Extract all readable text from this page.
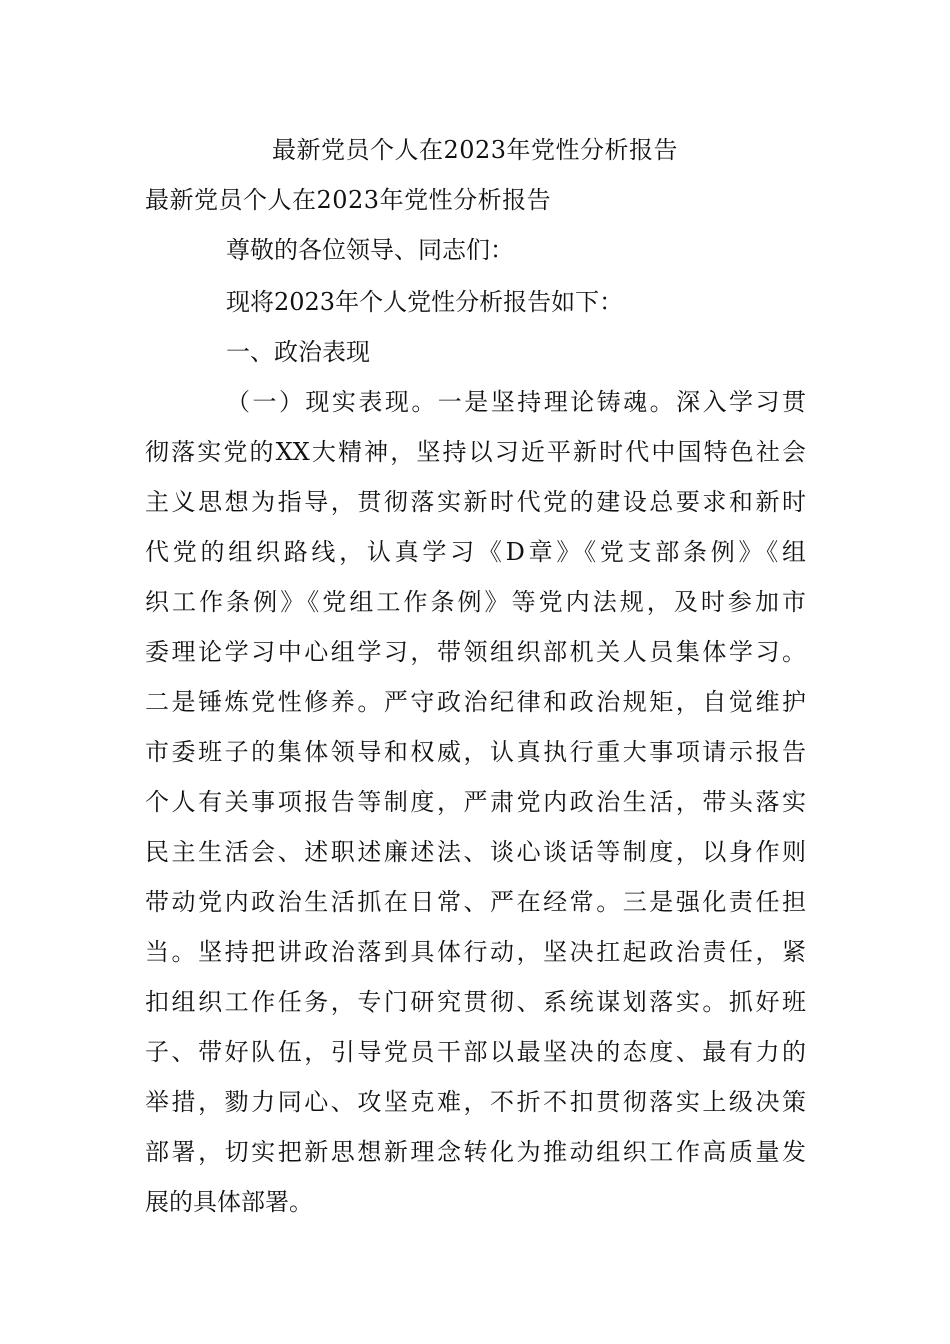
最新党员个人在2023年党性分析报告
最新党员个人在2023年党性分析报告
尊敬的各位领导、同志们：
现将2023年个人党性分析报告如下：
一、政治表现
（一）现实表现。一是坚持理论铸魂。深入学习贯
彻落实党的XX大精神，坚持以习近平新时代中国特色社会
主义思想为指导，贯彻落实新时代党的建设总要求和新时
代党的组织路线，认真学习《D章》《党支部条例》《组
织工作条例》《党组工作条例》等党内法规，及时参加市
委理论学习中心组学习，带领组织部机关人员集体学习。
二是锤炼党性修养。严守政治纪律和政治规矩，自觉维护
市委班子的集体领导和权威，认真执行重大事项请示报告
个人有关事项报告等制度，严肃党内政治生活，带头落实
民主生活会、述职述廉述法、谈心谈话等制度，以身作则
带动党内政治生活抓在日常、严在经常。三是强化责任担
当。坚持把讲政治落到具体行动，坚决扛起政治责任，紧
扣组织工作任务，专门研究贯彻、系统谋划落实。抓好班
子、带好队伍，引导党员干部以最坚决的态度、最有力的
举措，勠力同心、攻坚克难，不折不扣贯彻落实上级决策
部署，切实把新思想新理念转化为推动组织工作高质量发
展的具体部署。
